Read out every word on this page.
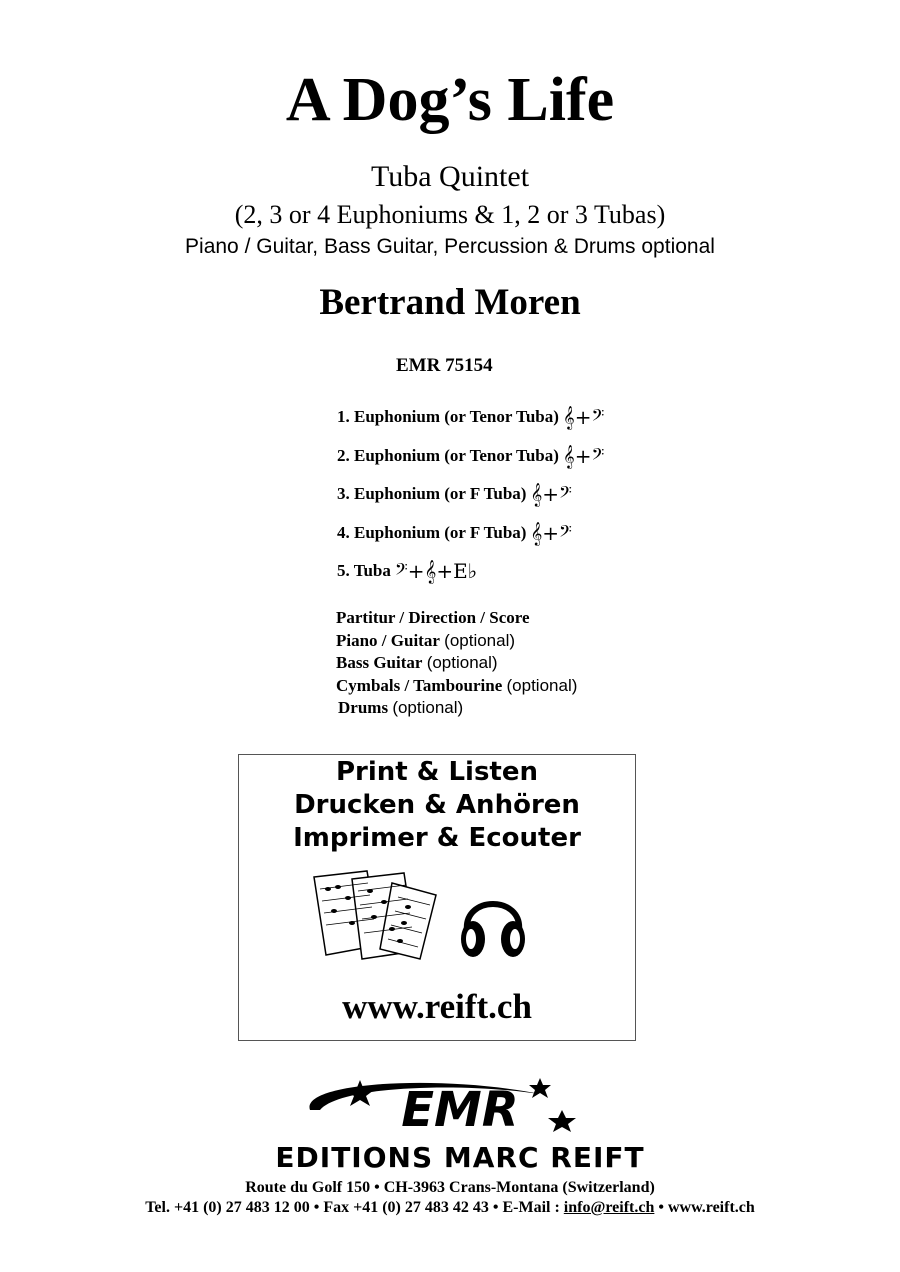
A Dog’s Life
Tuba Quintet
(2, 3 or 4 Euphoniums & 1, 2 or 3 Tubas)
Piano / Guitar, Bass Guitar, Percussion & Drums optional
Bertrand Moren
EMR 75154
1. Euphonium (or Tenor Tuba) 𝄞+𝄢
2. Euphonium (or Tenor Tuba) 𝄞+𝄢
3. Euphonium (or F Tuba) 𝄞+𝄢
4. Euphonium (or F Tuba) 𝄞+𝄢
5. Tuba 𝄢+𝄞+E♭
Partitur / Direction / Score
Piano / Guitar (optional)
Bass Guitar (optional)
Cymbals / Tambourine (optional)
Drums (optional)
Print & Listen
Drucken & Anhören
Imprimer & Ecouter
www.reift.ch
EMR
EDITIONS MARC REIFT
Route du Golf 150 • CH-3963 Crans-Montana (Switzerland)
Tel. +41 (0) 27 483 12 00 • Fax +41 (0) 27 483 42 43 • E-Mail : info@reift.ch • www.reift.ch
